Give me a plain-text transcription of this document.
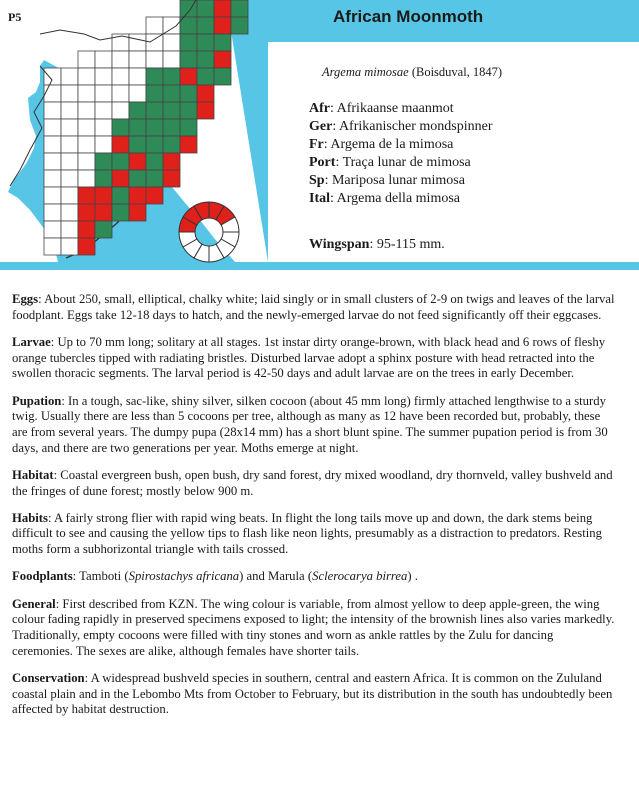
P5	African Moonmoth
Argema mimosae (Boisduval, 1847)
Afr: Afrikaanse maanmot
Ger: Afrikanischer mondspinner
Fr: Argema de la mimosa
Port: Traça lunar de mimosa
Sp: Mariposa lunar mimosa
Ital: Argema della mimosa
Wingspan: 95-115 mm.

Eggs: About 250, small, elliptical, chalky white; laid singly or in small clusters of 2-9 on twigs and leaves of the larval foodplant. Eggs take 12-18 days to hatch, and the newly-emerged larvae do not feed significantly off their eggcases.

Larvae: Up to 70 mm long; solitary at all stages. 1st instar dirty orange-brown, with black head and 6 rows of fleshy orange tubercles tipped with radiating bristles. Disturbed larvae adopt a sphinx posture with head retracted into the swollen thoracic segments. The larval period is 42-50 days and adult larvae are on the trees in early December.

Pupation: In a tough, sac-like, shiny silver, silken cocoon (about 45 mm long) firmly attached lengthwise to a sturdy twig. Usually there are less than 5 cocoons per tree, although as many as 12 have been recorded but, probably, these are from several years. The dumpy pupa (28x14 mm) has a short blunt spine. The summer pupation period is from 30 days, and there are two generations per year. Moths emerge at night.

Habitat: Coastal evergreen bush, open bush, dry sand forest, dry mixed woodland, dry thornveld, valley bushveld and the fringes of dune forest; mostly below 900 m.

Habits: A fairly strong flier with rapid wing beats. In flight the long tails move up and down, the dark stems being difficult to see and causing the yellow tips to flash like neon lights, presumably as a distraction to predators. Resting moths form a subhorizontal triangle with tails crossed.

Foodplants: Tamboti (Spirostachys africana) and Marula (Sclerocarya birrea) .

General: First described from KZN. The wing colour is variable, from almost yellow to deep apple-green, the wing colour fading rapidly in preserved specimens exposed to light; the intensity of the brownish lines also varies markedly. Traditionally, empty cocoons were filled with tiny stones and worn as ankle rattles by the Zulu for dancing ceremonies. The sexes are alike, although females have shorter tails.

Conservation: A widespread bushveld species in southern, central and eastern Africa. It is common on the Zululand coastal plain and in the Lebombo Mts from October to February, but its distribution in the south has undoubtedly been affected by habitat destruction.
